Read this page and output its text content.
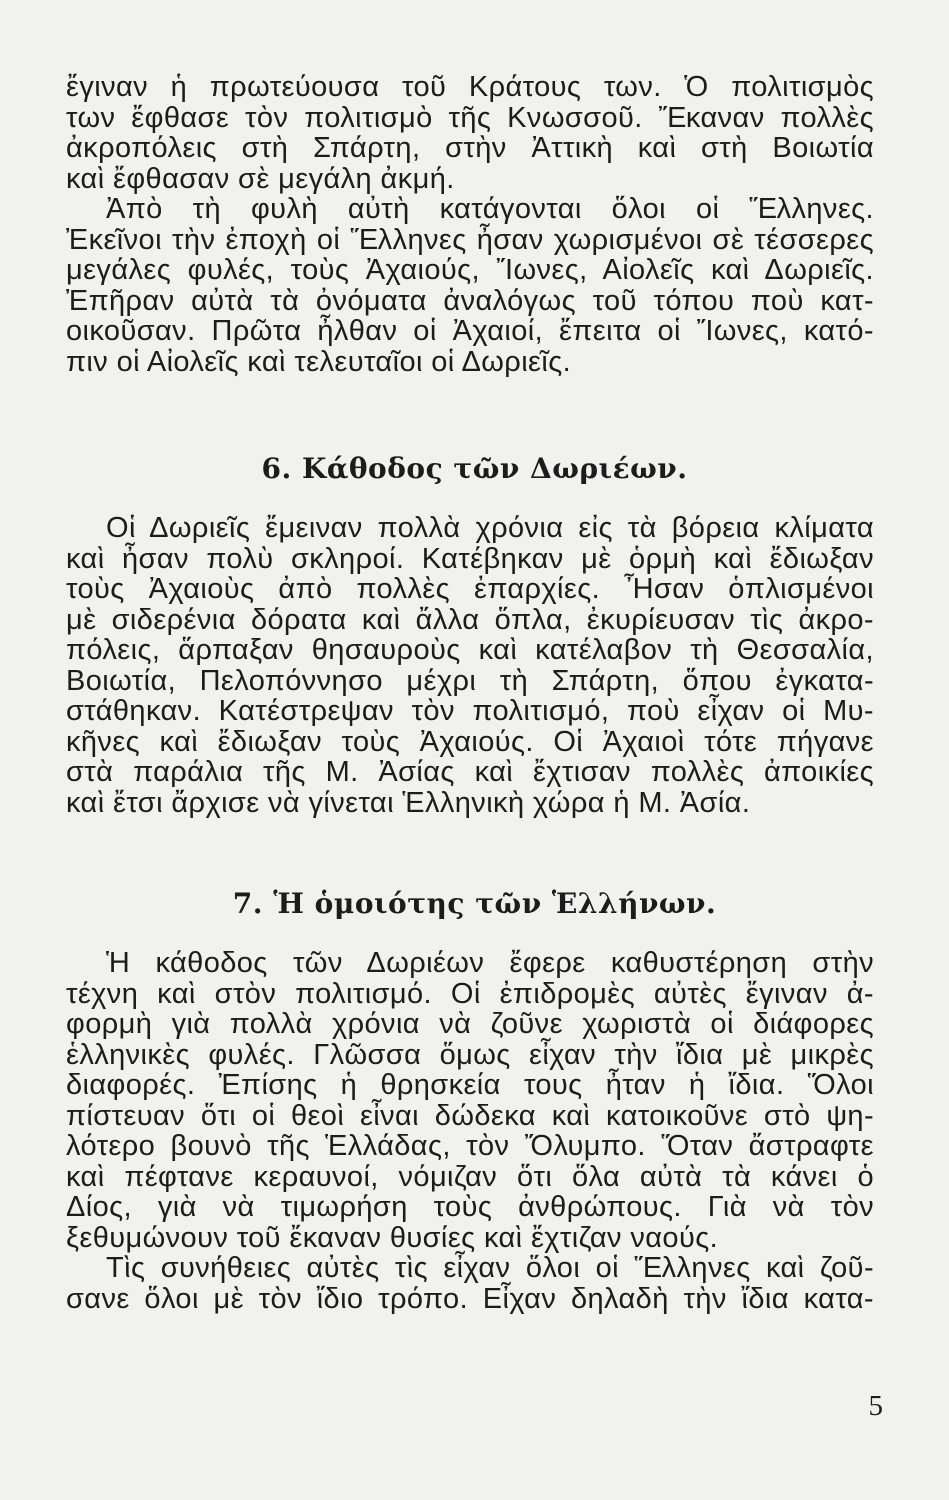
ἔγιναν ἡ πρωτεύουσα τοῦ Κράτους των. Ὁ πολιτισμὸς
των ἔφθασε τὸν πολιτισμὸ τῆς Κνωσσοῦ. Ἔκαναν πολλὲς
ἀκροπόλεις στὴ Σπάρτη, στὴν Ἀττικὴ καὶ στὴ Βοιωτία
καὶ ἔφθασαν σὲ μεγάλη ἀκμή.
Ἀπὸ τὴ φυλὴ αὐτὴ κατάγονται ὅλοι οἱ Ἕλληνες.
Ἐκεῖνοι τὴν ἐποχὴ οἱ Ἕλληνες ἦσαν χωρισμένοι σὲ τέσσερες
μεγάλες φυλές, τοὺς Ἀχαιούς, Ἴωνες, Αἰολεῖς καὶ Δωριεῖς.
Ἐπῆραν αὐτὰ τὰ ὀνόματα ἀναλόγως τοῦ τόπου ποὺ κατ-
οικοῦσαν. Πρῶτα ἦλθαν οἱ Ἀχαιοί, ἔπειτα οἱ Ἴωνες, κατό-
πιν οἱ Αἰολεῖς καὶ τελευταῖοι οἱ Δωριεῖς.
6. Κάθοδος τῶν Δωριέων.
Οἱ Δωριεῖς ἔμειναν πολλὰ χρόνια εἰς τὰ βόρεια κλίματα
καὶ ἦσαν πολὺ σκληροί. Κατέβηκαν μὲ ὁρμὴ καὶ ἔδιωξαν
τοὺς Ἀχαιοὺς ἀπὸ πολλὲς ἐπαρχίες. Ἦσαν ὁπλισμένοι
μὲ σιδερένια δόρατα καὶ ἄλλα ὅπλα, ἐκυρίευσαν τὶς ἀκρο-
πόλεις, ἅρπαξαν θησαυροὺς καὶ κατέλαβον τὴ Θεσσαλία,
Βοιωτία, Πελοπόννησο μέχρι τὴ Σπάρτη, ὅπου ἐγκατα-
στάθηκαν. Κατέστρεψαν τὸν πολιτισμό, ποὺ εἶχαν οἱ Μυ-
κῆνες καὶ ἔδιωξαν τοὺς Ἀχαιούς. Οἱ Ἀχαιοὶ τότε πήγανε
στὰ παράλια τῆς Μ. Ἀσίας καὶ ἔχτισαν πολλὲς ἀποικίες
καὶ ἔτσι ἄρχισε νὰ γίνεται Ἑλληνικὴ χώρα ἡ Μ. Ἀσία.
7. Ἡ ὁμοιότης τῶν Ἑλλήνων.
Ἡ κάθοδος τῶν Δωριέων ἔφερε καθυστέρηση στὴν
τέχνη καὶ στὸν πολιτισμό. Οἱ ἐπιδρομὲς αὐτὲς ἔγιναν ἀ-
φορμὴ γιὰ πολλὰ χρόνια νὰ ζοῦνε χωριστὰ οἱ διάφορες
ἑλληνικὲς φυλές. Γλῶσσα ὅμως εἶχαν τὴν ἴδια μὲ μικρὲς
διαφορές. Ἐπίσης ἡ θρησκεία τους ἦταν ἡ ἴδια. Ὅλοι
πίστευαν ὅτι οἱ θεοὶ εἶναι δώδεκα καὶ κατοικοῦνε στὸ ψη-
λότερο βουνὸ τῆς Ἑλλάδας, τὸν Ὄλυμπο. Ὅταν ἄστραφτε
καὶ πέφτανε κεραυνοί, νόμιζαν ὅτι ὅλα αὐτὰ τὰ κάνει ὁ
Δίος, γιὰ νὰ τιμωρήση τοὺς ἀνθρώπους. Γιὰ νὰ τὸν
ξεθυμώνουν τοῦ ἔκαναν θυσίες καὶ ἔχτιζαν ναούς.
Τὶς συνήθειες αὐτὲς τὶς εἶχαν ὅλοι οἱ Ἕλληνες καὶ ζοῦ-
σανε ὅλοι μὲ τὸν ἴδιο τρόπο. Εἶχαν δηλαδὴ τὴν ἴδια κατα-
5
